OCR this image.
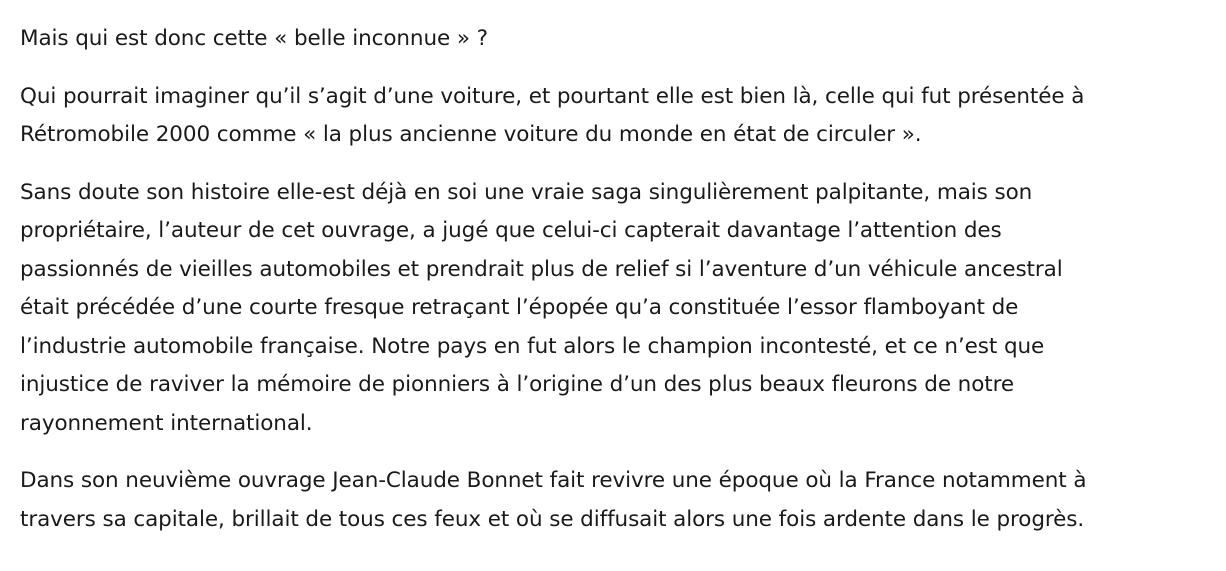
Mais qui est donc cette « belle inconnue » ?

Qui pourrait imaginer qu’il s’agit d’une voiture, et pourtant elle est bien là, celle qui fut présentée à
Rétromobile 2000 comme « la plus ancienne voiture du monde en état de circuler ».

Sans doute son histoire elle-est déjà en soi une vraie saga singulièrement palpitante, mais son
propriétaire, l’auteur de cet ouvrage, a jugé que celui-ci capterait davantage l’attention des
passionnés de vieilles automobiles et prendrait plus de relief si l’aventure d’un véhicule ancestral
était précédée d’une courte fresque retraçant l’épopée qu’a constituée l’essor flamboyant de
l’industrie automobile française. Notre pays en fut alors le champion incontesté, et ce n’est que
injustice de raviver la mémoire de pionniers à l’origine d’un des plus beaux fleurons de notre
rayonnement international.

Dans son neuvième ouvrage Jean-Claude Bonnet fait revivre une époque où la France notamment à
travers sa capitale, brillait de tous ces feux et où se diffusait alors une fois ardente dans le progrès.
